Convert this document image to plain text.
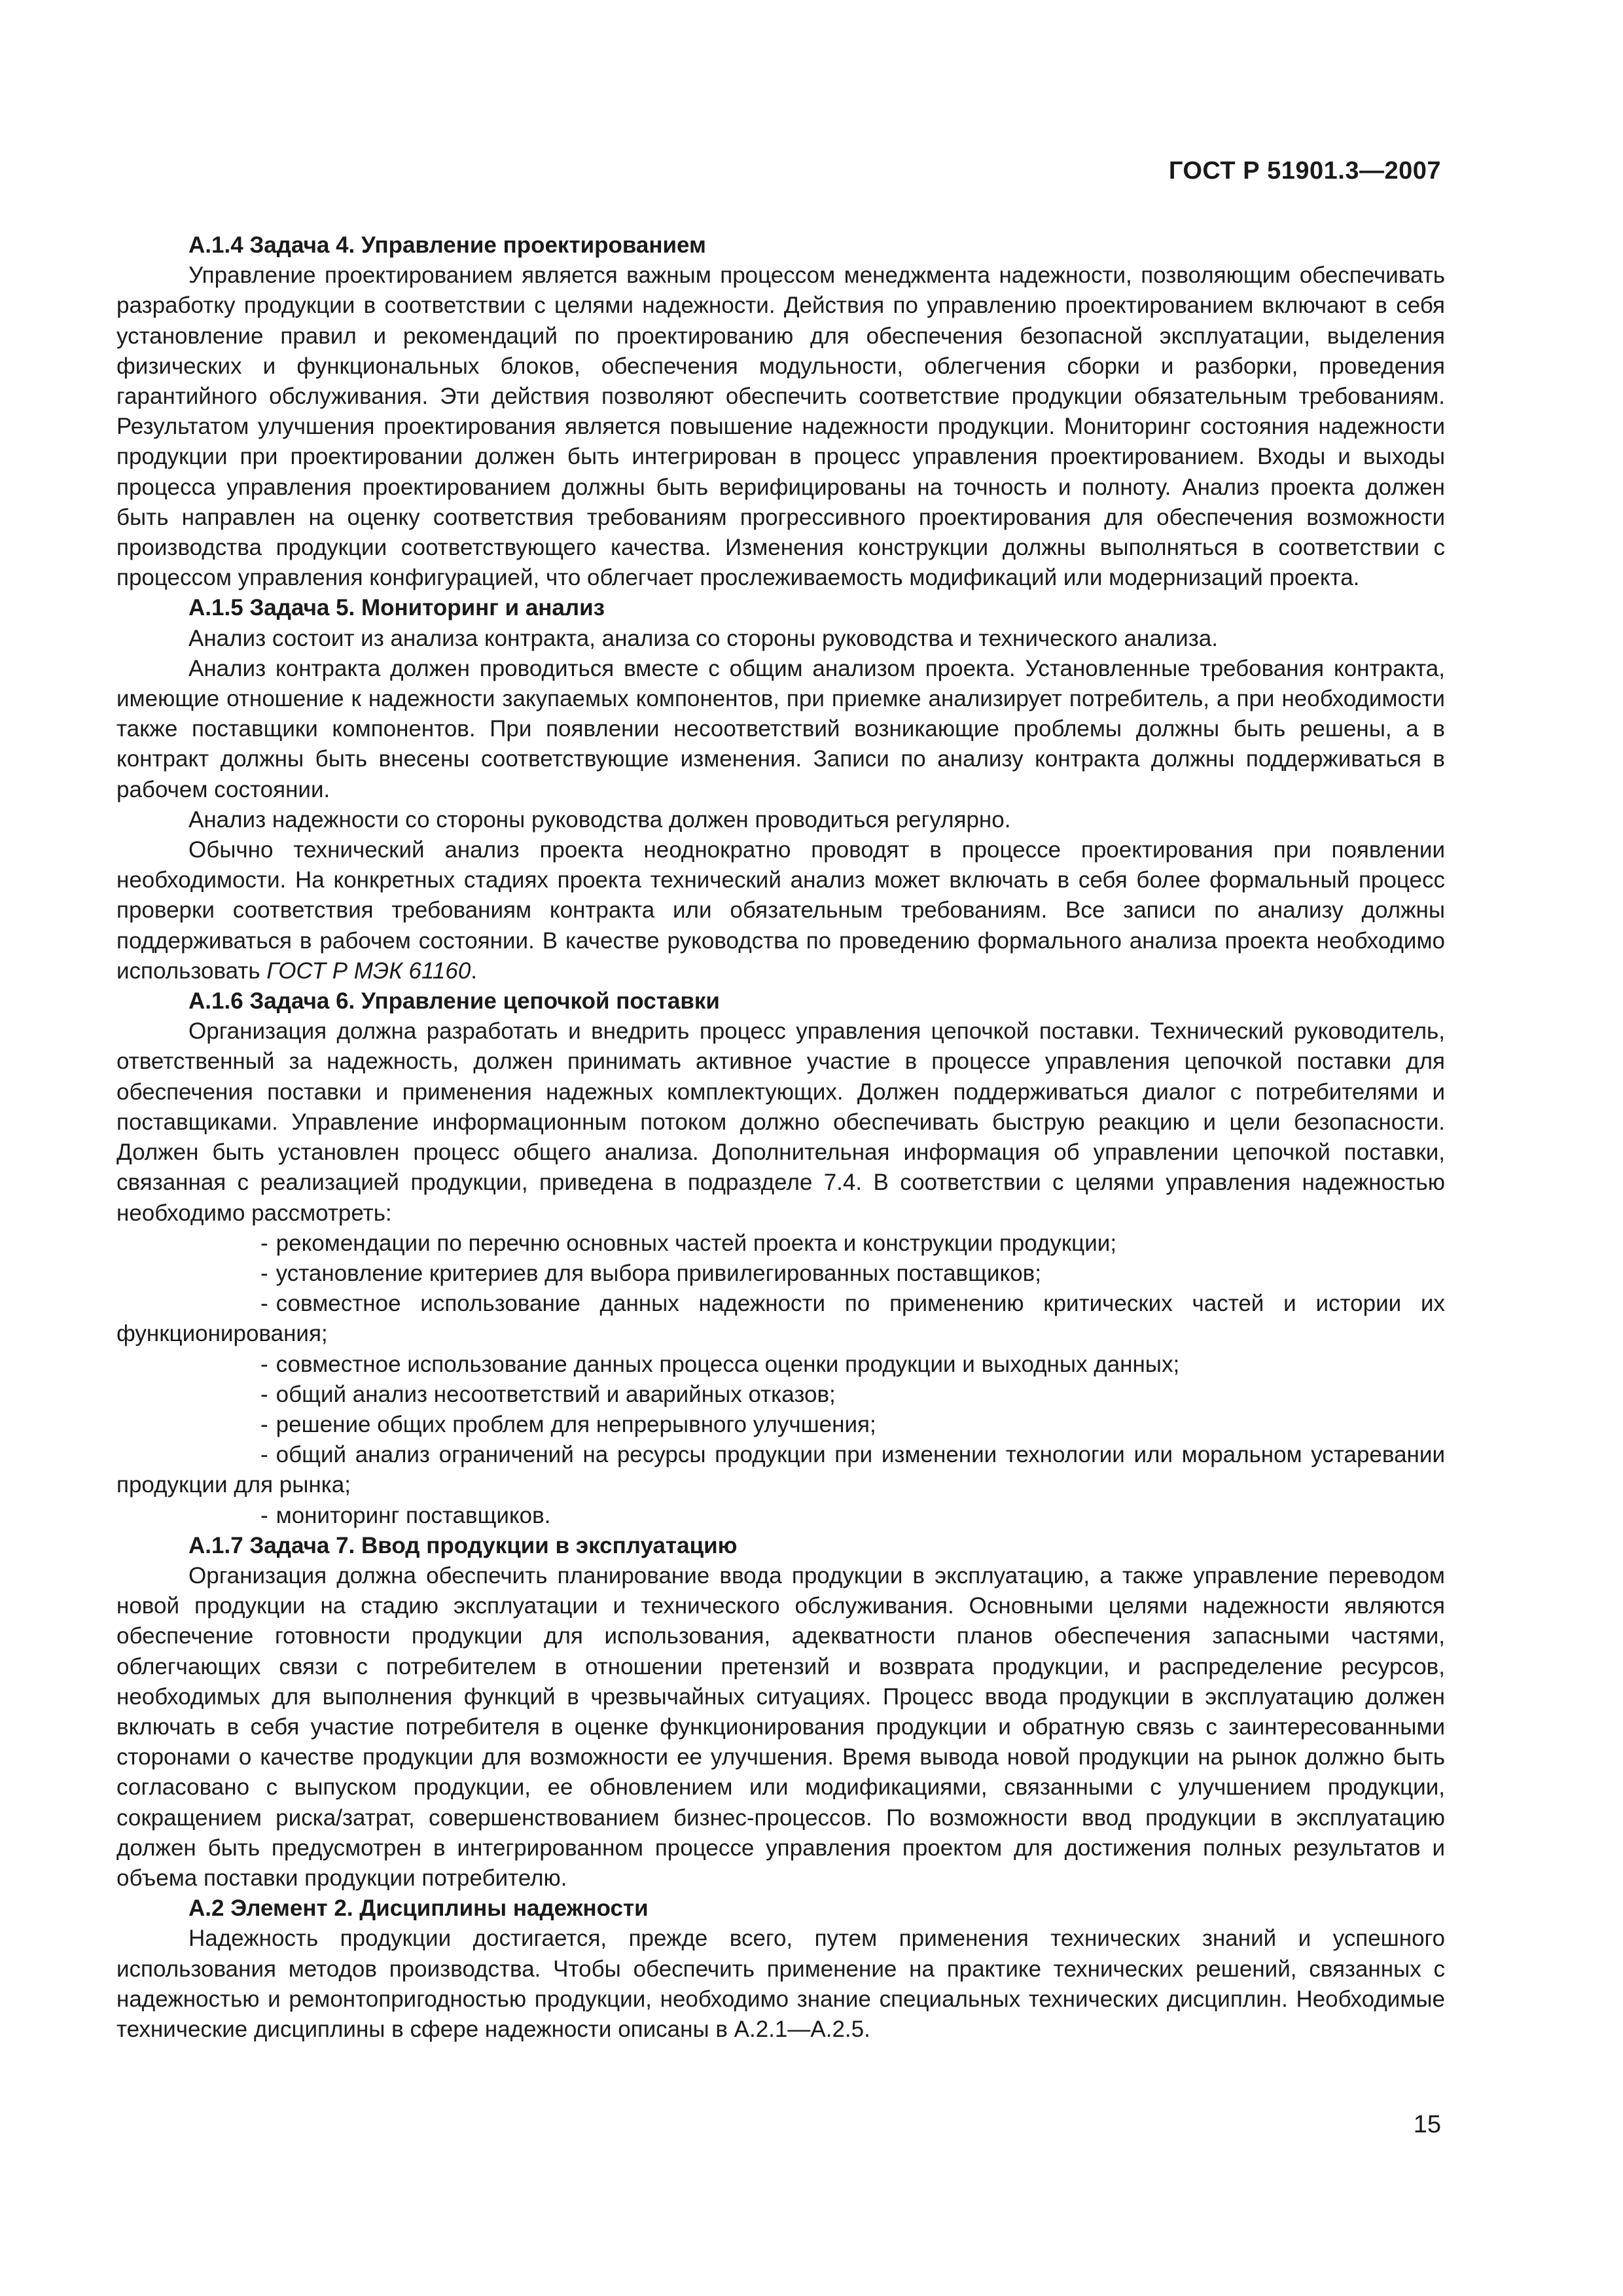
ГОСТ Р 51901.3—2007

А.1.4 Задача 4. Управление проектированием

Управление проектированием является важным процессом менеджмента надежности, позволяющим обеспечивать разработку продукции в соответствии с целями надежности. Действия по управлению проектированием включают в себя установление правил и рекомендаций по проектированию для обеспечения безопасной эксплуатации, выделения физических и функциональных блоков, обеспечения модульности, облегчения сборки и разборки, проведения гарантийного обслуживания. Эти действия позволяют обеспечить соответствие продукции обязательным требованиям. Результатом улучшения проектирования является повышение надежности продукции. Мониторинг состояния надежности продукции при проектировании должен быть интегрирован в процесс управления проектированием. Входы и выходы процесса управления проектированием должны быть верифицированы на точность и полноту. Анализ проекта должен быть направлен на оценку соответствия требованиям прогрессивного проектирования для обеспечения возможности производства продукции соответствующего качества. Изменения конструкции должны выполняться в соответствии с процессом управления конфигурацией, что облегчает прослеживаемость модификаций или модернизаций проекта.

А.1.5 Задача 5. Мониторинг и анализ

Анализ состоит из анализа контракта, анализа со стороны руководства и технического анализа.

Анализ контракта должен проводиться вместе с общим анализом проекта. Установленные требования контракта, имеющие отношение к надежности закупаемых компонентов, при приемке анализирует потребитель, а при необходимости также поставщики компонентов. При появлении несоответствий возникающие проблемы должны быть решены, а в контракт должны быть внесены соответствующие изменения. Записи по анализу контракта должны поддерживаться в рабочем состоянии.

Анализ надежности со стороны руководства должен проводиться регулярно.

Обычно технический анализ проекта неоднократно проводят в процессе проектирования при появлении необходимости. На конкретных стадиях проекта технический анализ может включать в себя более формальный процесс проверки соответствия требованиям контракта или обязательным требованиям. Все записи по анализу должны поддерживаться в рабочем состоянии. В качестве руководства по проведению формального анализа проекта необходимо использовать ГОСТ Р МЭК 61160.

А.1.6 Задача 6. Управление цепочкой поставки

Организация должна разработать и внедрить процесс управления цепочкой поставки. Технический руководитель, ответственный за надежность, должен принимать активное участие в процессе управления цепочкой поставки для обеспечения поставки и применения надежных комплектующих. Должен поддерживаться диалог с потребителями и поставщиками. Управление информационным потоком должно обеспечивать быструю реакцию и цели безопасности. Должен быть установлен процесс общего анализа. Дополнительная информация об управлении цепочкой поставки, связанная с реализацией продукции, приведена в подразделе 7.4. В соответствии с целями управления надежностью необходимо рассмотреть:

- рекомендации по перечню основных частей проекта и конструкции продукции;

- установление критериев для выбора привилегированных поставщиков;

- совместное использование данных надежности по применению критических частей и истории их функционирования;

- совместное использование данных процесса оценки продукции и выходных данных;

- общий анализ несоответствий и аварийных отказов;

- решение общих проблем для непрерывного улучшения;

- общий анализ ограничений на ресурсы продукции при изменении технологии или моральном устаревании продукции для рынка;

- мониторинг поставщиков.

А.1.7 Задача 7. Ввод продукции в эксплуатацию

Организация должна обеспечить планирование ввода продукции в эксплуатацию, а также управление переводом новой продукции на стадию эксплуатации и технического обслуживания. Основными целями надежности являются обеспечение готовности продукции для использования, адекватности планов обеспечения запасными частями, облегчающих связи с потребителем в отношении претензий и возврата продукции, и распределение ресурсов, необходимых для выполнения функций в чрезвычайных ситуациях. Процесс ввода продукции в эксплуатацию должен включать в себя участие потребителя в оценке функционирования продукции и обратную связь с заинтересованными сторонами о качестве продукции для возможности ее улучшения. Время вывода новой продукции на рынок должно быть согласовано с выпуском продукции, ее обновлением или модификациями, связанными с улучшением продукции, сокращением риска/затрат, совершенствованием бизнес-процессов. По возможности ввод продукции в эксплуатацию должен быть предусмотрен в интегрированном процессе управления проектом для достижения полных результатов и объема поставки продукции потребителю.

А.2 Элемент 2. Дисциплины надежности

Надежность продукции достигается, прежде всего, путем применения технических знаний и успешного использования методов производства. Чтобы обеспечить применение на практике технических решений, связанных с надежностью и ремонтопригодностью продукции, необходимо знание специальных технических дисциплин. Необходимые технические дисциплины в сфере надежности описаны в А.2.1—А.2.5.

15
